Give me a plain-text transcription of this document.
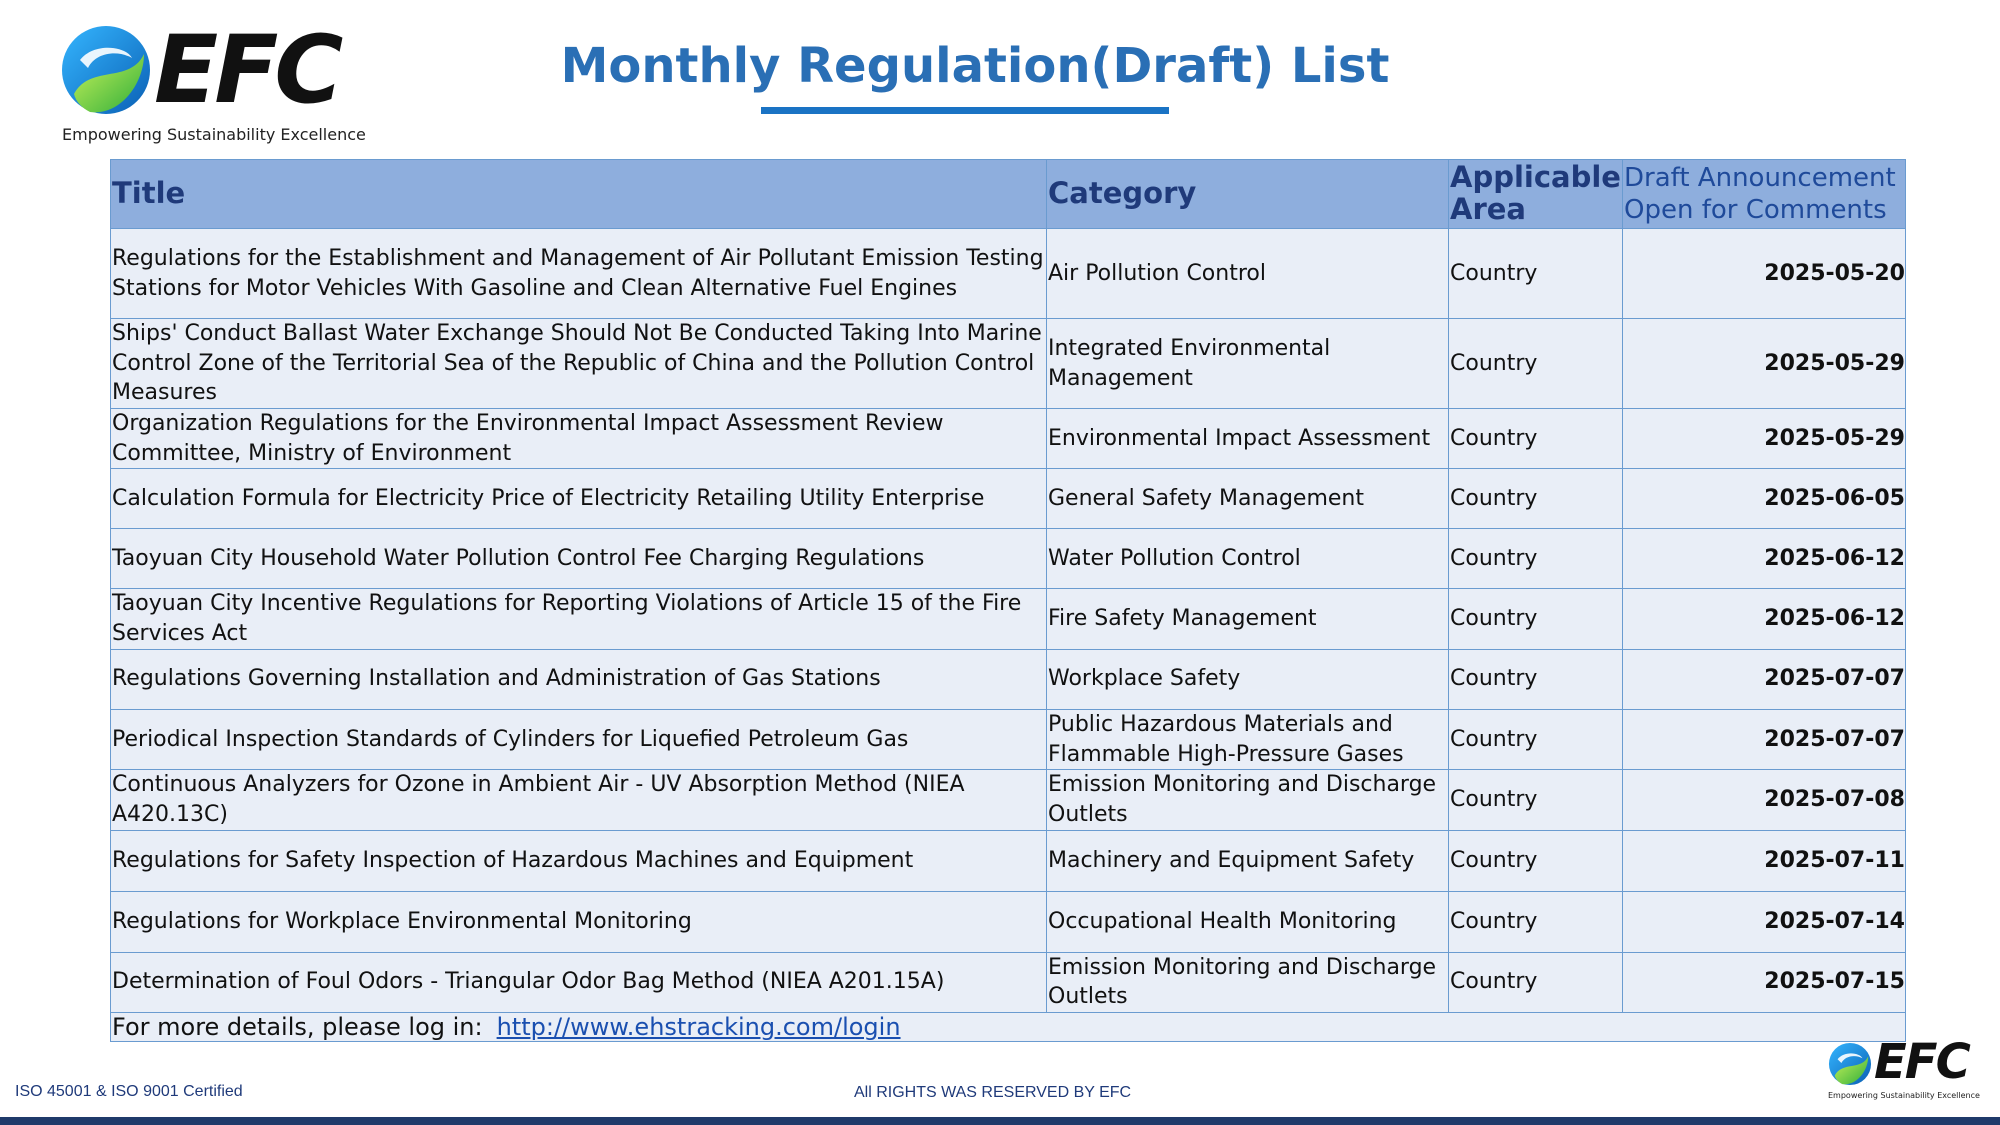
EFC
Empowering Sustainability Excellence
Monthly Regulation(Draft) List
Title	Category	Applicable Area	Draft Announcement Open for Comments
Regulations for the Establishment and Management of Air Pollutant Emission Testing Stations for Motor Vehicles With Gasoline and Clean Alternative Fuel Engines	Air Pollution Control	Country	2025-05-20
Ships' Conduct Ballast Water Exchange Should Not Be Conducted Taking Into Marine Control Zone of the Territorial Sea of the Republic of China and the Pollution Control Measures	Integrated Environmental Management	Country	2025-05-29
Organization Regulations for the Environmental Impact Assessment Review Committee, Ministry of Environment	Environmental Impact Assessment	Country	2025-05-29
Calculation Formula for Electricity Price of Electricity Retailing Utility Enterprise	General Safety Management	Country	2025-06-05
Taoyuan City Household Water Pollution Control Fee Charging Regulations	Water Pollution Control	Country	2025-06-12
Taoyuan City Incentive Regulations for Reporting Violations of Article 15 of the Fire Services Act	Fire Safety Management	Country	2025-06-12
Regulations Governing Installation and Administration of Gas Stations	Workplace Safety	Country	2025-07-07
Periodical Inspection Standards of Cylinders for Liquefied Petroleum Gas	Public Hazardous Materials and Flammable High-Pressure Gases	Country	2025-07-07
Continuous Analyzers for Ozone in Ambient Air - UV Absorption Method (NIEA A420.13C)	Emission Monitoring and Discharge Outlets	Country	2025-07-08
Regulations for Safety Inspection of Hazardous Machines and Equipment	Machinery and Equipment Safety	Country	2025-07-11
Regulations for Workplace Environmental Monitoring	Occupational Health Monitoring	Country	2025-07-14
Determination of Foul Odors - Triangular Odor Bag Method (NIEA A201.15A)	Emission Monitoring and Discharge Outlets	Country	2025-07-15
For more details, please log in: http://www.ehstracking.com/login			
EFC
Empowering Sustainability Excellence
ISO 45001 & ISO 9001 Certified	All RIGHTS WAS RESERVED BY EFC
